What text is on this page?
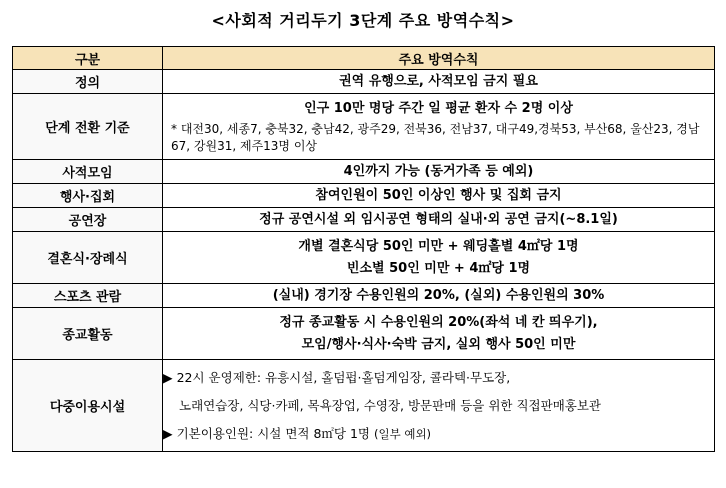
<사회적 거리두기 3단계 주요 방역수칙>
구분	주요 방역수칙
정의	권역 유행으로, 사적모임 금지 필요

단계 전환 기준	인구 10만 명당 주간 일 평균 환자 수 2명 이상
* 대전30, 세종7, 충북32, 충남42, 광주29, 전북36, 전남37, 대구49,경북53, 부산68, 울산23, 경남67, 강원31, 제주13명 이상

사적모임	4인까지 가능 (동거가족 등 예외)

행사·집회	참여인원이 50인 이상인 행사 및 집회 금지

공연장	정규 공연시설 외 임시공연 형태의 실내·외 공연 금지(~8.1일)

결혼식·장례식	개별 결혼식당 50인 미만 + 웨딩홀별 4㎡당 1명
빈소별 50인 미만 + 4㎡당 1명

스포츠 관람	(실내) 경기장 수용인원의 20%, (실외) 수용인원의 30%

종교활동	정규 종교활동 시 수용인원의 20%(좌석 네 칸 띄우기),
모임/행사·식사·숙박 금지, 실외 행사 50인 미만

다중이용시설	▶ 22시 운영제한: 유흥시설, 홀덤펍·홀덤게임장, 콜라텍·무도장,
노래연습장, 식당·카페, 목욕장업, 수영장, 방문판매 등을 위한 직접판매홍보관
▶ 기본이용인원: 시설 면적 8㎡당 1명 (일부 예외)
